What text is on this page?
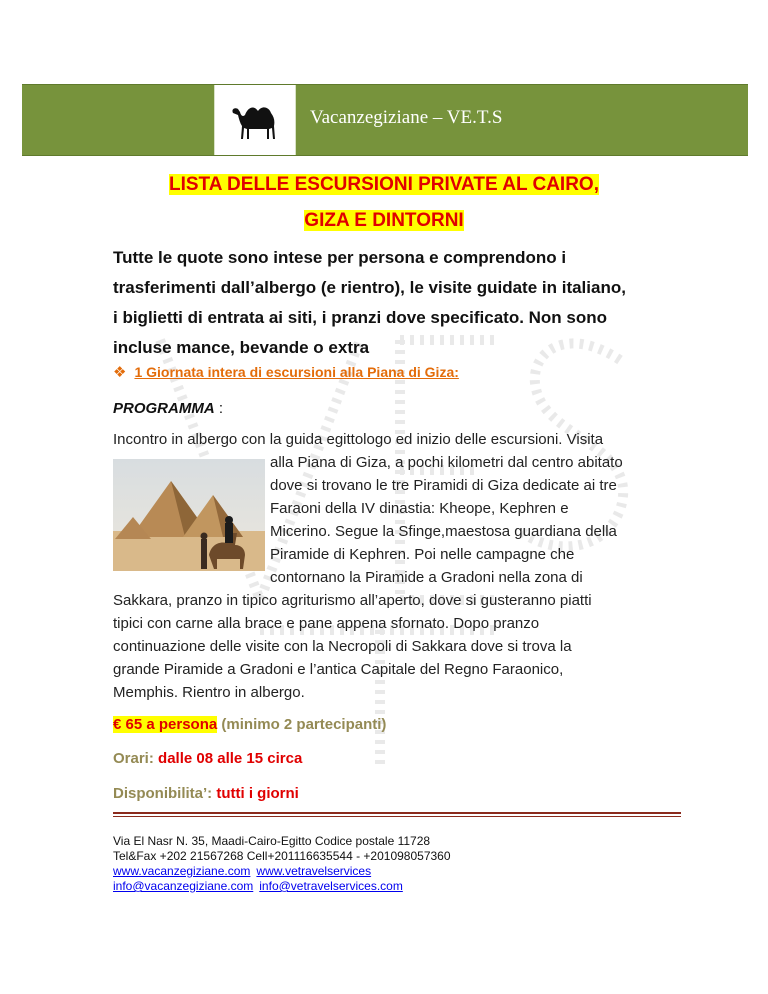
Vacanzegiziane – VE.T.S
LISTA DELLE ESCURSIONI PRIVATE AL CAIRO,
GIZA E DINTORNI
Tutte le quote sono intese per persona e comprendono i
trasferimenti dall’albergo (e rientro), le visite guidate in italiano,
i biglietti di entrata ai siti, i pranzi dove specificato. Non sono
incluse mance, bevande o extra
❖ 1 Giornata intera di escursioni alla Piana di Giza:
PROGRAMMA :
Incontro in albergo con la guida egittologo ed inizio delle escursioni. Visita
alla Piana di Giza, a pochi kilometri dal centro abitato
dove si trovano le tre Piramidi di Giza dedicate ai tre
Faraoni della IV dinastia: Kheope, Kephren e
Micerino. Segue la Sfinge,maestosa guardiana della
Piramide di Kephren. Poi nelle campagne che
contornano la Piramide a Gradoni nella zona di
Sakkara, pranzo in tipico agriturismo all’aperto, dove si gusteranno piatti
tipici con carne alla brace e pane appena sfornato. Dopo pranzo
continuazione delle visite con la Necropoli di Sakkara dove si trova la
grande Piramide a Gradoni e l’antica Capitale del Regno Faraonico,
Memphis. Rientro in albergo.
€ 65 a persona (minimo 2 partecipanti)
Orari: dalle 08 alle 15 circa
Disponibilita’: tutti i giorni
Via El Nasr N. 35, Maadi-Cairo-Egitto Codice postale 11728
Tel&Fax +202 21567268 Cell+201116635544 - +201098057360
www.vacanzegiziane.com www.vetravelservices
info@vacanzegiziane.com info@vetravelservices.com
